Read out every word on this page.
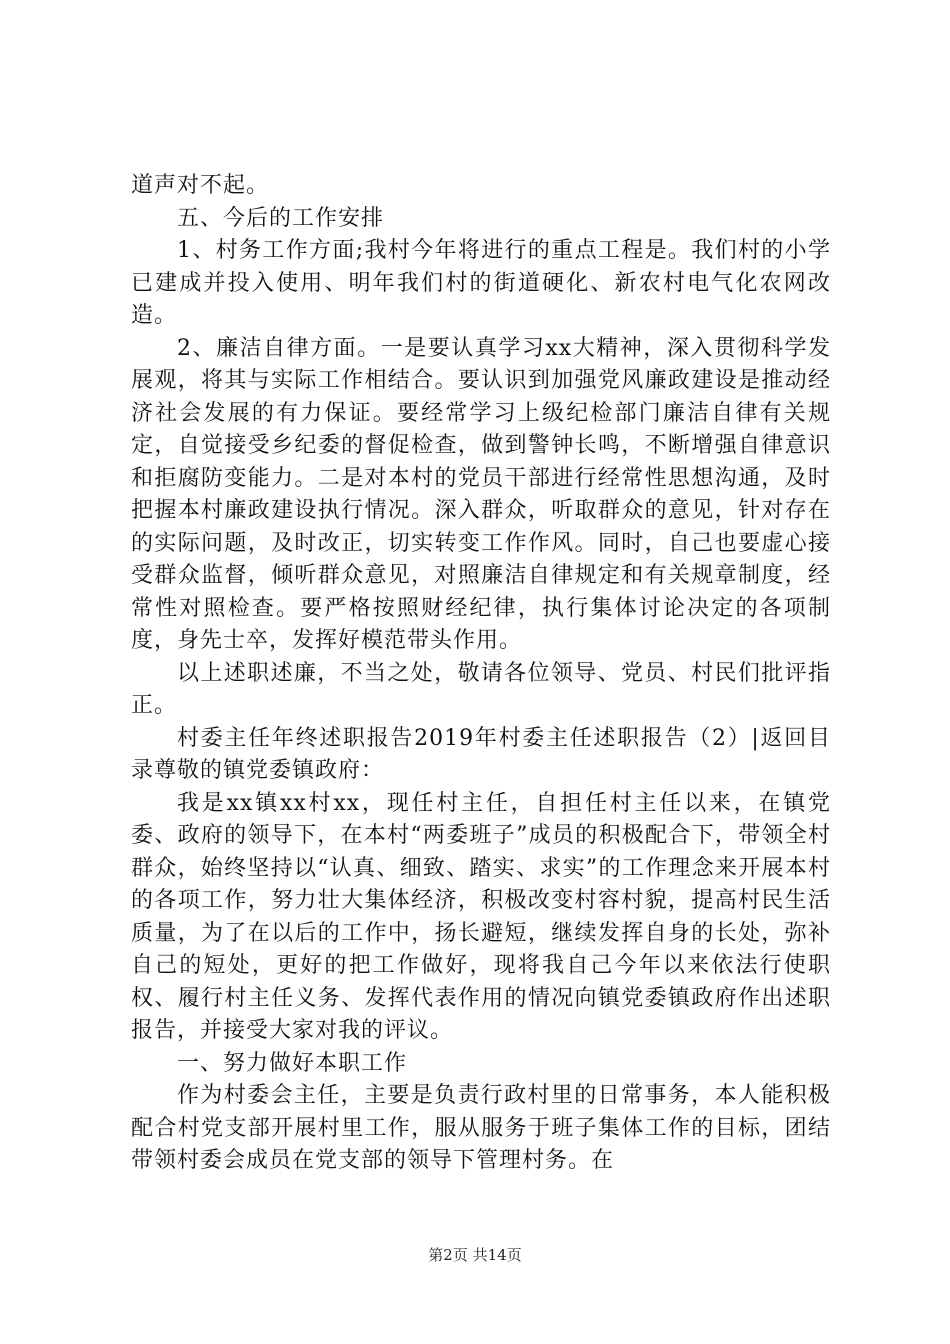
道声对不起。

五、今后的工作安排

1、村务工作方面;我村今年将进行的重点工程是。我们村的小学已建成并投入使用、明年我们村的街道硬化、新农村电气化农网改造。

2、廉洁自律方面。一是要认真学习xx大精神，深入贯彻科学发展观，将其与实际工作相结合。要认识到加强党风廉政建设是推动经济社会发展的有力保证。要经常学习上级纪检部门廉洁自律有关规定，自觉接受乡纪委的督促检查，做到警钟长鸣，不断增强自律意识和拒腐防变能力。二是对本村的党员干部进行经常性思想沟通，及时把握本村廉政建设执行情况。深入群众，听取群众的意见，针对存在的实际问题，及时改正，切实转变工作作风。同时，自己也要虚心接受群众监督，倾听群众意见，对照廉洁自律规定和有关规章制度，经常性对照检查。要严格按照财经纪律，执行集体讨论决定的各项制度，身先士卒，发挥好模范带头作用。

以上述职述廉，不当之处，敬请各位领导、党员、村民们批评指正。

村委主任年终述职报告2019年村委主任述职报告（2）|返回目录尊敬的镇党委镇政府：

我是xx镇xx村xx，现任村主任，自担任村主任以来，在镇党委、政府的领导下，在本村“两委班子”成员的积极配合下，带领全村群众，始终坚持以“认真、细致、踏实、求实”的工作理念来开展本村的各项工作，努力壮大集体经济，积极改变村容村貌，提高村民生活质量，为了在以后的工作中，扬长避短，继续发挥自身的长处，弥补自己的短处，更好的把工作做好，现将我自己今年以来依法行使职权、履行村主任义务、发挥代表作用的情况向镇党委镇政府作出述职报告，并接受大家对我的评议。

一、努力做好本职工作

作为村委会主任，主要是负责行政村里的日常事务，本人能积极配合村党支部开展村里工作，服从服务于班子集体工作的目标，团结带领村委会成员在党支部的领导下管理村务。在

第2页 共14页
